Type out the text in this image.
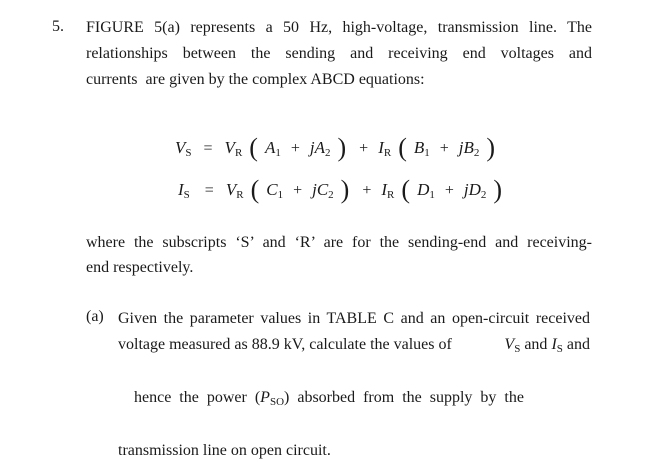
5. FIGURE 5(a) represents a 50 Hz, high-voltage, transmission line. The
relationships between the sending and receiving end voltages and
currents  are given by the complex ABCD equations:
VS = VR ( A1 + jA2 ) + IR ( B1 + jB2 )
IS = VR ( C1 + jC2 ) + IR ( D1 + jD2 )
where the subscripts ‘S’ and ‘R’ are for the sending-end and receiving-
end respectively.
(a) Given the parameter values in TABLE C and an open-circuit received
voltage measured as 88.9 kV, calculate the values of	VS and IS and

hence  the  power  (PSO)  absorbed  from  the  supply  by  the

transmission line on open circuit.
